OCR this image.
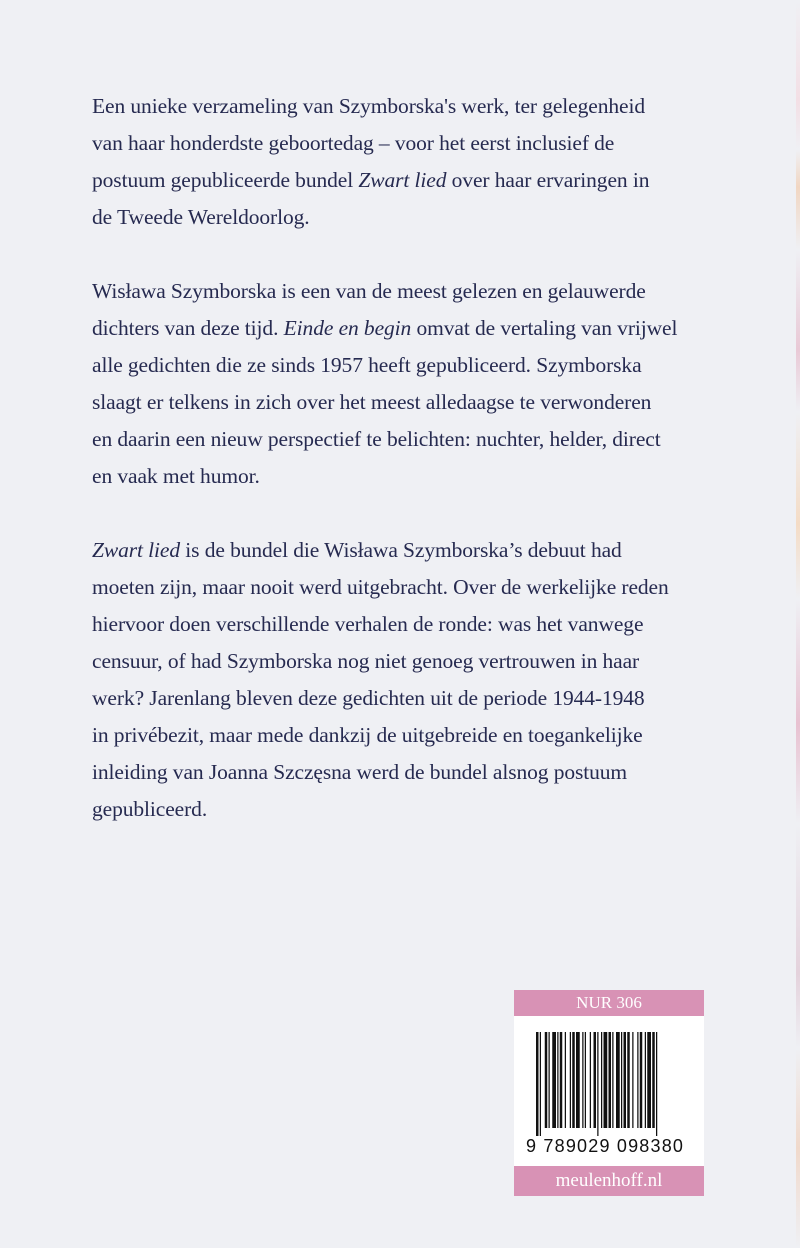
Een unieke verzameling van Szymborska's werk, ter gelegenheid
van haar honderdste geboortedag – voor het eerst inclusief de
postuum gepubliceerde bundel Zwart lied over haar ervaringen in
de Tweede Wereldoorlog.

Wisława Szymborska is een van de meest gelezen en gelauwerde
dichters van deze tijd. Einde en begin omvat de vertaling van vrijwel
alle gedichten die ze sinds 1957 heeft gepubliceerd. Szymborska
slaagt er telkens in zich over het meest alledaagse te verwonderen
en daarin een nieuw perspectief te belichten: nuchter, helder, direct
en vaak met humor.

Zwart lied is de bundel die Wisława Szymborska’s debuut had
moeten zijn, maar nooit werd uitgebracht. Over de werkelijke reden
hiervoor doen verschillende verhalen de ronde: was het vanwege
censuur, of had Szymborska nog niet genoeg vertrouwen in haar
werk? Jarenlang bleven deze gedichten uit de periode 1944-1948
in privébezit, maar mede dankzij de uitgebreide en toegankelijke
inleiding van Joanna Szczęsna werd de bundel alsnog postuum
gepubliceerd.

NUR 306
9 789029 098380
meulenhoff.nl
